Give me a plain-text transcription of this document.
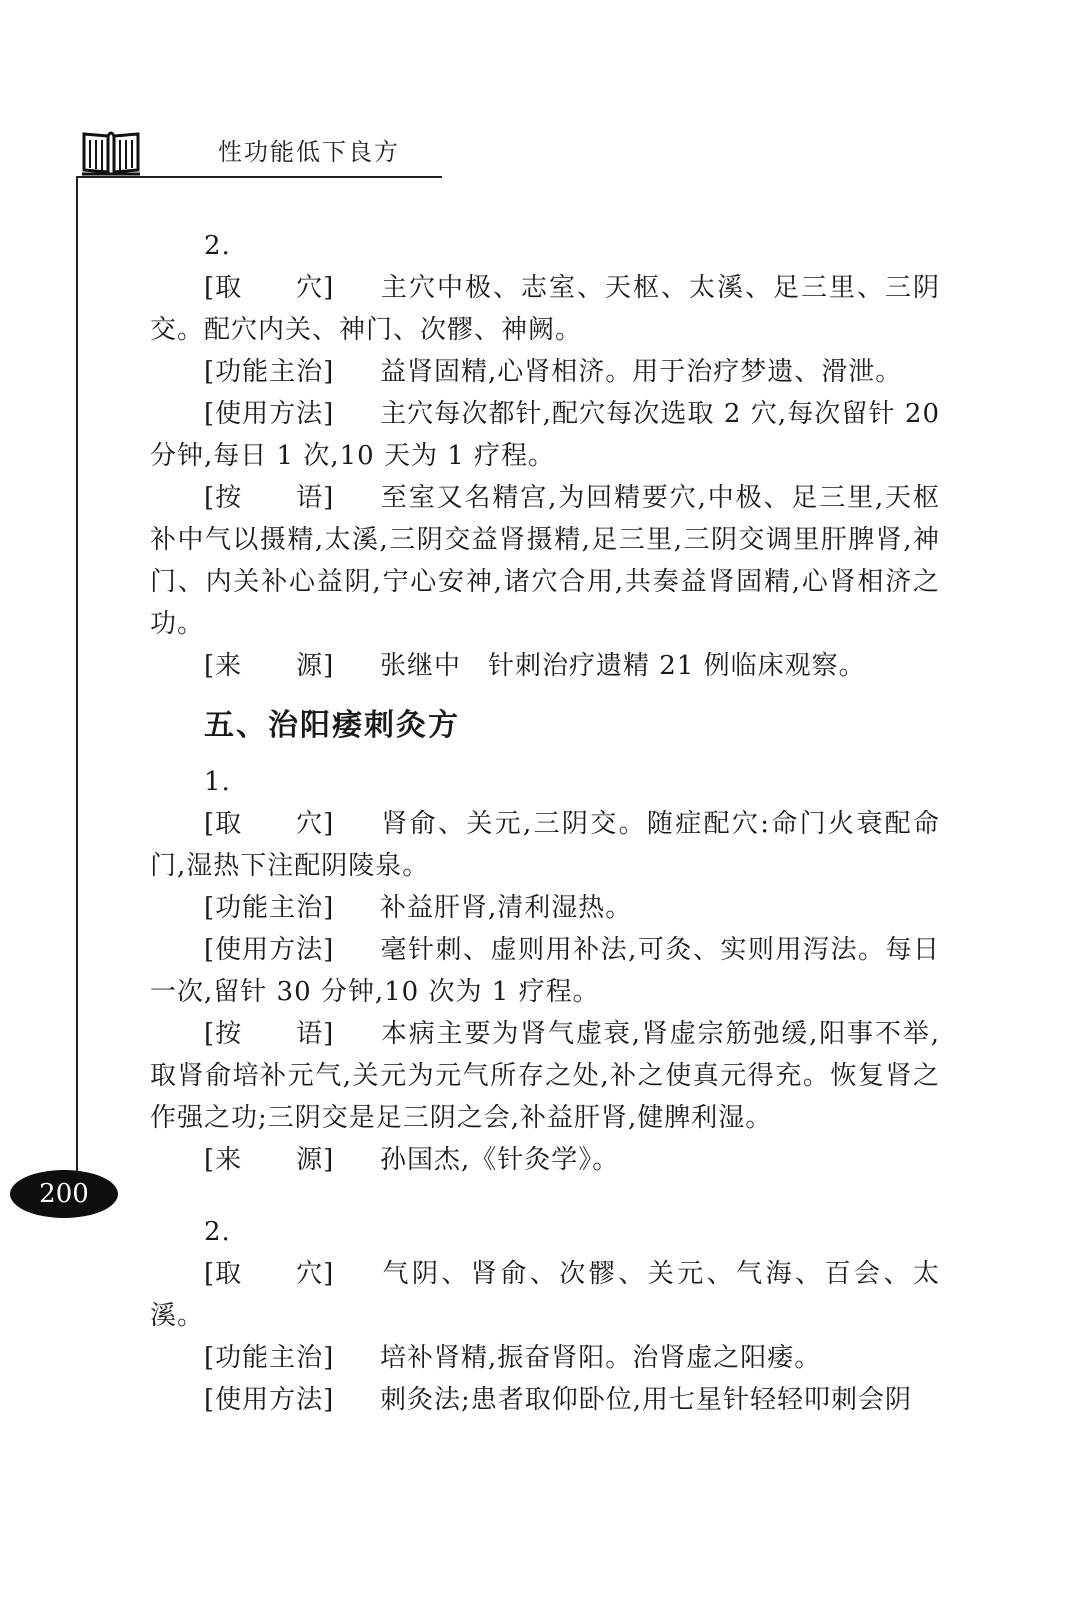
性功能低下良方
200

2.

[取　　穴] 主穴中极、志室、天枢、太溪、足三里、三阴交。配穴内关、神门、次髎、神阙。

[功能主治] 益肾固精,心肾相济。用于治疗梦遗、滑泄。

[使用方法] 主穴每次都针,配穴每次选取 2 穴,每次留针 20 分钟,每日 1 次,10 天为 1 疗程。

[按　　语] 至室又名精宫,为回精要穴,中极、足三里,天枢补中气以摄精,太溪,三阴交益肾摄精,足三里,三阴交调里肝脾肾,神门、内关补心益阴,宁心安神,诸穴合用,共奏益肾固精,心肾相济之功。

[来　　源] 张继中　针刺治疗遗精 21 例临床观察。

五、治阳痿刺灸方

1.

[取　　穴] 肾俞、关元,三阴交。随症配穴:命门火衰配命门,湿热下注配阴陵泉。

[功能主治] 补益肝肾,清利湿热。

[使用方法] 毫针刺、虚则用补法,可灸、实则用泻法。每日一次,留针 30 分钟,10 次为 1 疗程。

[按　　语] 本病主要为肾气虚衰,肾虚宗筋弛缓,阳事不举,取肾俞培补元气,关元为元气所存之处,补之使真元得充。恢复肾之作强之功;三阴交是足三阴之会,补益肝肾,健脾利湿。

[来　　源] 孙国杰,《针灸学》。

2.

[取　　穴] 气阴、肾俞、次髎、关元、气海、百会、太溪。

[功能主治] 培补肾精,振奋肾阳。治肾虚之阳痿。

[使用方法] 刺灸法;患者取仰卧位,用七星针轻轻叩刺会阴
